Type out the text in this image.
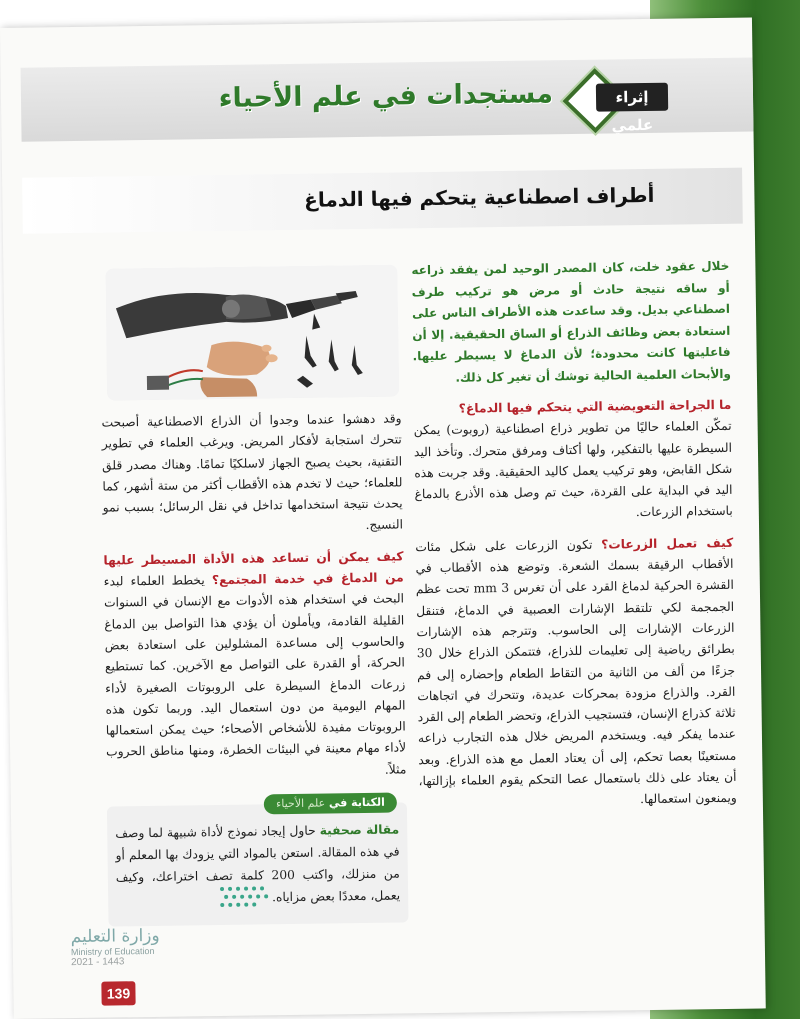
مستجدات في علم الأحياء	إثراء علمي
أطراف اصطناعية يتحكم فيها الدماغ

خلال عقود خلت، كان المصدر الوحيد لمن يفقد ذراعه أو ساقه نتيجة حادث أو مرض هو تركيب طرف اصطناعي بديل. وقد ساعدت هذه الأطراف الناس على استعادة بعض وظائف الذراع أو الساق الحقيقية. إلا أن فاعليتها كانت محدودة؛ لأن الدماغ لا يسيطر عليها. والأبحاث العلمية الحالية توشك أن تغير كل ذلك.

ما الجراحة التعويضية التي يتحكم فيها الدماغ؟
تمكّن العلماء حاليًا من تطوير ذراع اصطناعية (روبوت) يمكن السيطرة عليها بالتفكير، ولها أكتاف ومرفق متحرك. وتأخذ اليد شكل القابض، وهو تركيب يعمل كاليد الحقيقية. وقد جربت هذه اليد في البداية على القردة، حيث تم وصل هذه الأذرع بالدماغ باستخدام الزرعات.

كيف تعمل الزرعات؟ تكون الزرعات على شكل مئات الأقطاب الرقيقة بسمك الشعرة. وتوضع هذه الأقطاب في القشرة الحركية لدماغ القرد على أن تغرس 3 mm تحت عظم الجمجمة لكي تلتقط الإشارات العصبية في الدماغ، فتنقل الزرعات الإشارات إلى الحاسوب. وتترجم هذه الإشارات بطرائق رياضية إلى تعليمات للذراع، فتتمكن الذراع خلال 30 جزءًا من ألف من الثانية من التقاط الطعام وإحضاره إلى فم القرد. والذراع مزودة بمحركات عديدة، وتتحرك في اتجاهات ثلاثة كذراع الإنسان، فتستجيب الذراع، وتحضر الطعام إلى القرد عندما يفكر فيه. ويستخدم المريض خلال هذه التجارب ذراعه مستعينًا بعصا تحكم، إلى أن يعتاد العمل مع هذه الذراع. وبعد أن يعتاد على ذلك باستعمال عصا التحكم يقوم العلماء بإزالتها، ويمنعون استعمالها.

وقد دهشوا عندما وجدوا أن الذراع الاصطناعية أصبحت تتحرك استجابة لأفكار المريض. ويرغب العلماء في تطوير التقنية، بحيث يصبح الجهاز لاسلكيًا تمامًا. وهناك مصدر قلق للعلماء؛ حيث لا تخدم هذه الأقطاب أكثر من ستة أشهر، كما يحدث نتيجة استخدامها تداخل في نقل الرسائل؛ بسبب نمو النسيج.

كيف يمكن أن تساعد هذه الأداة المسيطر عليها من الدماغ في خدمة المجتمع؟ يخطط العلماء لبدء البحث في استخدام هذه الأدوات مع الإنسان في السنوات القليلة القادمة، ويأملون أن يؤدي هذا التواصل بين الدماغ والحاسوب إلى مساعدة المشلولين على استعادة بعض الحركة، أو القدرة على التواصل مع الآخرين. كما تستطيع زرعات الدماغ السيطرة على الروبوتات الصغيرة لأداء المهام اليومية من دون استعمال اليد. وربما تكون هذه الروبوتات مفيدة للأشخاص الأصحاء؛ حيث يمكن استعمالها لأداء مهام معينة في البيئات الخطرة، ومنها مناطق الحروب مثلاً.

الكتابة في علم الأحياء
مقالة صحفية حاول إيجاد نموذج لأداة شبيهة لما وصف في هذه المقالة. استعن بالمواد التي يزودك بها المعلم أو من منزلك، واكتب 200 كلمة تصف اختراعك، وكيف يعمل، معددًا بعض مزاياه.
وزارة التعليم
Ministry of Education
2021 - 1443
139
